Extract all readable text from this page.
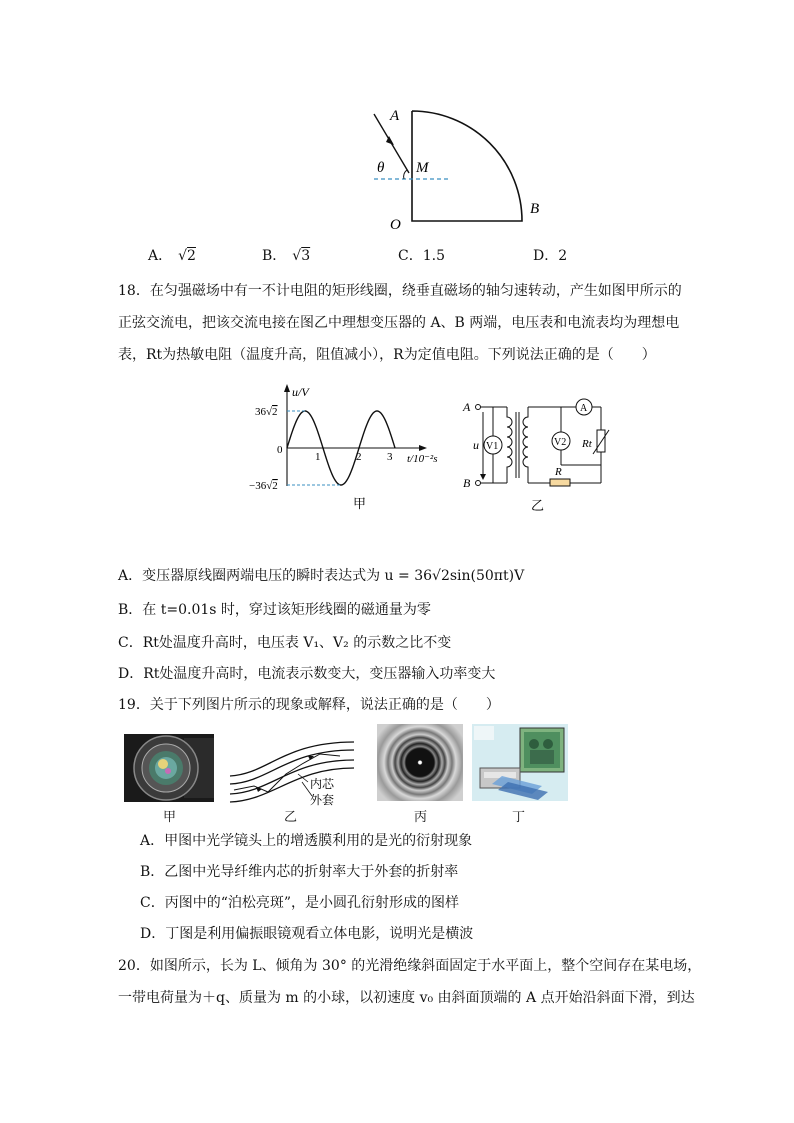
A
θ M
O
B
A． √2	B． √3	C．1.5	D．2
18．在匀强磁场中有一不计电阻的矩形线圈，绕垂直磁场的轴匀速转动，产生如图甲所示的
正弦交流电，把该交流电接在图乙中理想变压器的 A、B 两端，电压表和电流表均为理想电
表，Rt为热敏电阻（温度升高，阻值减小），R为定值电阻。下列说法正确的是（　　）
u/V
36√2
−36√2
0
1	2 3 t/10⁻²s
甲
V1
A
V2 Rt
R
A
B
u
乙
A．变压器原线圈两端电压的瞬时表达式为 u = 36√2sin(50πt)V
B．在 t=0.01s 时，穿过该矩形线圈的磁通量为零
C．Rt处温度升高时，电压表 V₁、V₂ 的示数之比不变
D．Rt处温度升高时，电流表示数变大，变压器输入功率变大
19．关于下列图片所示的现象或解释，说法正确的是（　　）
甲
内芯
外套
乙	丙	丁
A．甲图中光学镜头上的增透膜利用的是光的衍射现象
B．乙图中光导纤维内芯的折射率大于外套的折射率
C．丙图中的“泊松亮斑”，是小圆孔衍射形成的图样
D．丁图是利用偏振眼镜观看立体电影，说明光是横波
20．如图所示，长为 L、倾角为 30° 的光滑绝缘斜面固定于水平面上，整个空间存在某电场，
一带电荷量为＋q、质量为 m 的小球，以初速度 v₀ 由斜面顶端的 A 点开始沿斜面下滑，到达
